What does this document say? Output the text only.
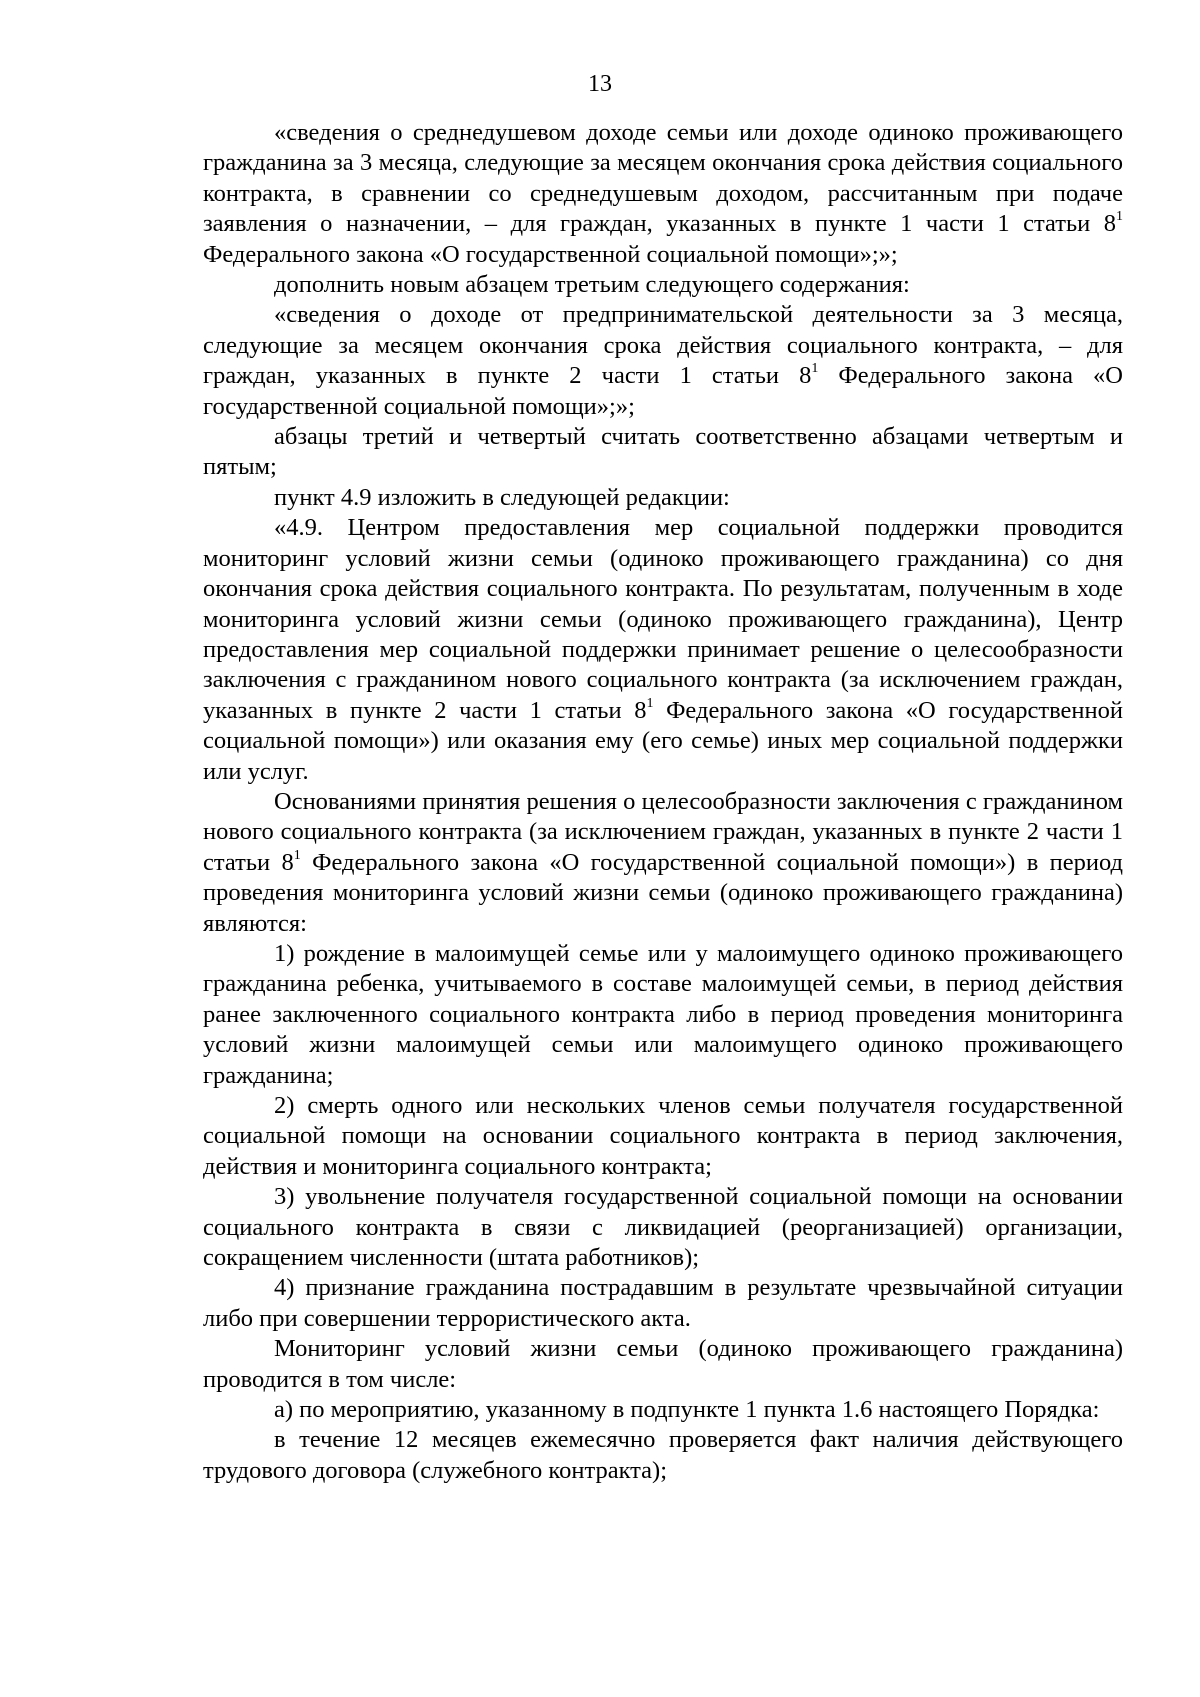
13

«сведения о среднедушевом доходе семьи или доходе одиноко проживающего гражданина за 3 месяца, следующие за месяцем окончания срока действия социального контракта, в сравнении со среднедушевым доходом, рассчитанным при подаче заявления о назначении, – для граждан, указанных в пункте 1 части 1 статьи $8^1$ Федерального закона «О государственной социальной помощи»;»;

дополнить новым абзацем третьим следующего содержания:

«сведения о доходе от предпринимательской деятельности за 3 месяца, следующие за месяцем окончания срока действия социального контракта, – для граждан, указанных в пункте 2 части 1 статьи $8^1$ Федерального закона «О государственной социальной помощи»;»;

абзацы третий и четвертый считать соответственно абзацами четвертым и пятым;

пункт 4.9 изложить в следующей редакции:

«4.9. Центром предоставления мер социальной поддержки проводится мониторинг условий жизни семьи (одиноко проживающего гражданина) со дня окончания срока действия социального контракта. По результатам, полученным в ходе мониторинга условий жизни семьи (одиноко проживающего гражданина), Центр предоставления мер социальной поддержки принимает решение о целесообразности заключения с гражданином нового социального контракта (за исключением граждан, указанных в пункте 2 части 1 статьи $8^1$ Федерального закона «О государственной социальной помощи») или оказания ему (его семье) иных мер социальной поддержки или услуг.

Основаниями принятия решения о целесообразности заключения с гражданином нового социального контракта (за исключением граждан, указанных в пункте 2 части 1 статьи $8^1$ Федерального закона «О государственной социальной помощи») в период проведения мониторинга условий жизни семьи (одиноко проживающего гражданина) являются:

1) рождение в малоимущей семье или у малоимущего одиноко проживающего гражданина ребенка, учитываемого в составе малоимущей семьи, в период действия ранее заключенного социального контракта либо в период проведения мониторинга условий жизни малоимущей семьи или малоимущего одиноко проживающего гражданина;

2) смерть одного или нескольких членов семьи получателя государственной социальной помощи на основании социального контракта в период заключения, действия и мониторинга социального контракта;

3) увольнение получателя государственной социальной помощи на основании социального контракта в связи с ликвидацией (реорганизацией) организации, сокращением численности (штата работников);

4) признание гражданина пострадавшим в результате чрезвычайной ситуации либо при совершении террористического акта.

Мониторинг условий жизни семьи (одиноко проживающего гражданина) проводится в том числе:

а) по мероприятию, указанному в подпункте 1 пункта 1.6 настоящего Порядка:

в течение 12 месяцев ежемесячно проверяется факт наличия действующего трудового договора (служебного контракта);
